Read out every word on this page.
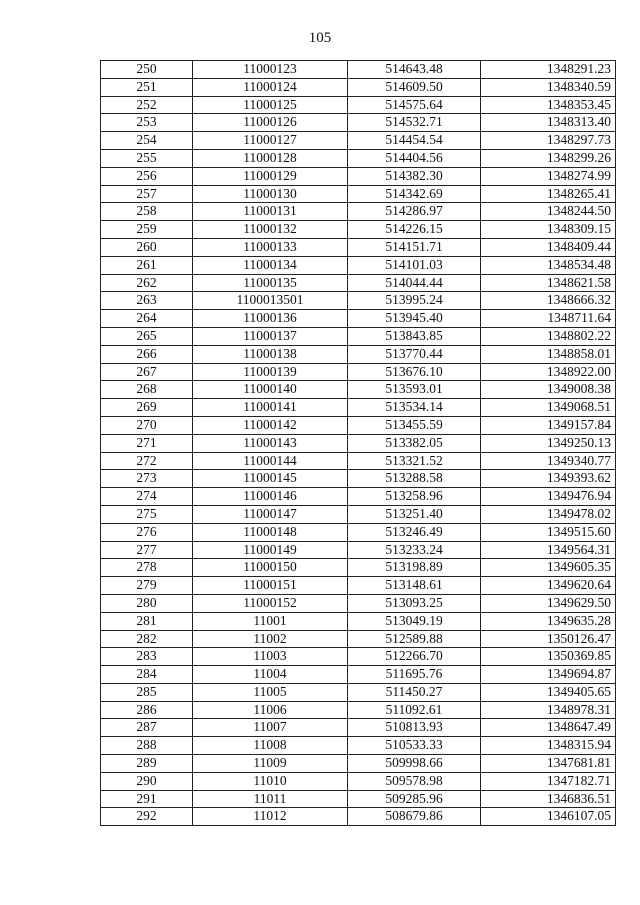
105
250	11000123	514643.48	1348291.23
251	11000124	514609.50	1348340.59
252	11000125	514575.64	1348353.45
253	11000126	514532.71	1348313.40
254	11000127	514454.54	1348297.73
255	11000128	514404.56	1348299.26
256	11000129	514382.30	1348274.99
257	11000130	514342.69	1348265.41
258	11000131	514286.97	1348244.50
259	11000132	514226.15	1348309.15
260	11000133	514151.71	1348409.44
261	11000134	514101.03	1348534.48
262	11000135	514044.44	1348621.58
263	1100013501	513995.24	1348666.32
264	11000136	513945.40	1348711.64
265	11000137	513843.85	1348802.22
266	11000138	513770.44	1348858.01
267	11000139	513676.10	1348922.00
268	11000140	513593.01	1349008.38
269	11000141	513534.14	1349068.51
270	11000142	513455.59	1349157.84
271	11000143	513382.05	1349250.13
272	11000144	513321.52	1349340.77
273	11000145	513288.58	1349393.62
274	11000146	513258.96	1349476.94
275	11000147	513251.40	1349478.02
276	11000148	513246.49	1349515.60
277	11000149	513233.24	1349564.31
278	11000150	513198.89	1349605.35
279	11000151	513148.61	1349620.64
280	11000152	513093.25	1349629.50
281	11001	513049.19	1349635.28
282	11002	512589.88	1350126.47
283	11003	512266.70	1350369.85
284	11004	511695.76	1349694.87
285	11005	511450.27	1349405.65
286	11006	511092.61	1348978.31
287	11007	510813.93	1348647.49
288	11008	510533.33	1348315.94
289	11009	509998.66	1347681.81
290	11010	509578.98	1347182.71
291	11011	509285.96	1346836.51
292	11012	508679.86	1346107.05
